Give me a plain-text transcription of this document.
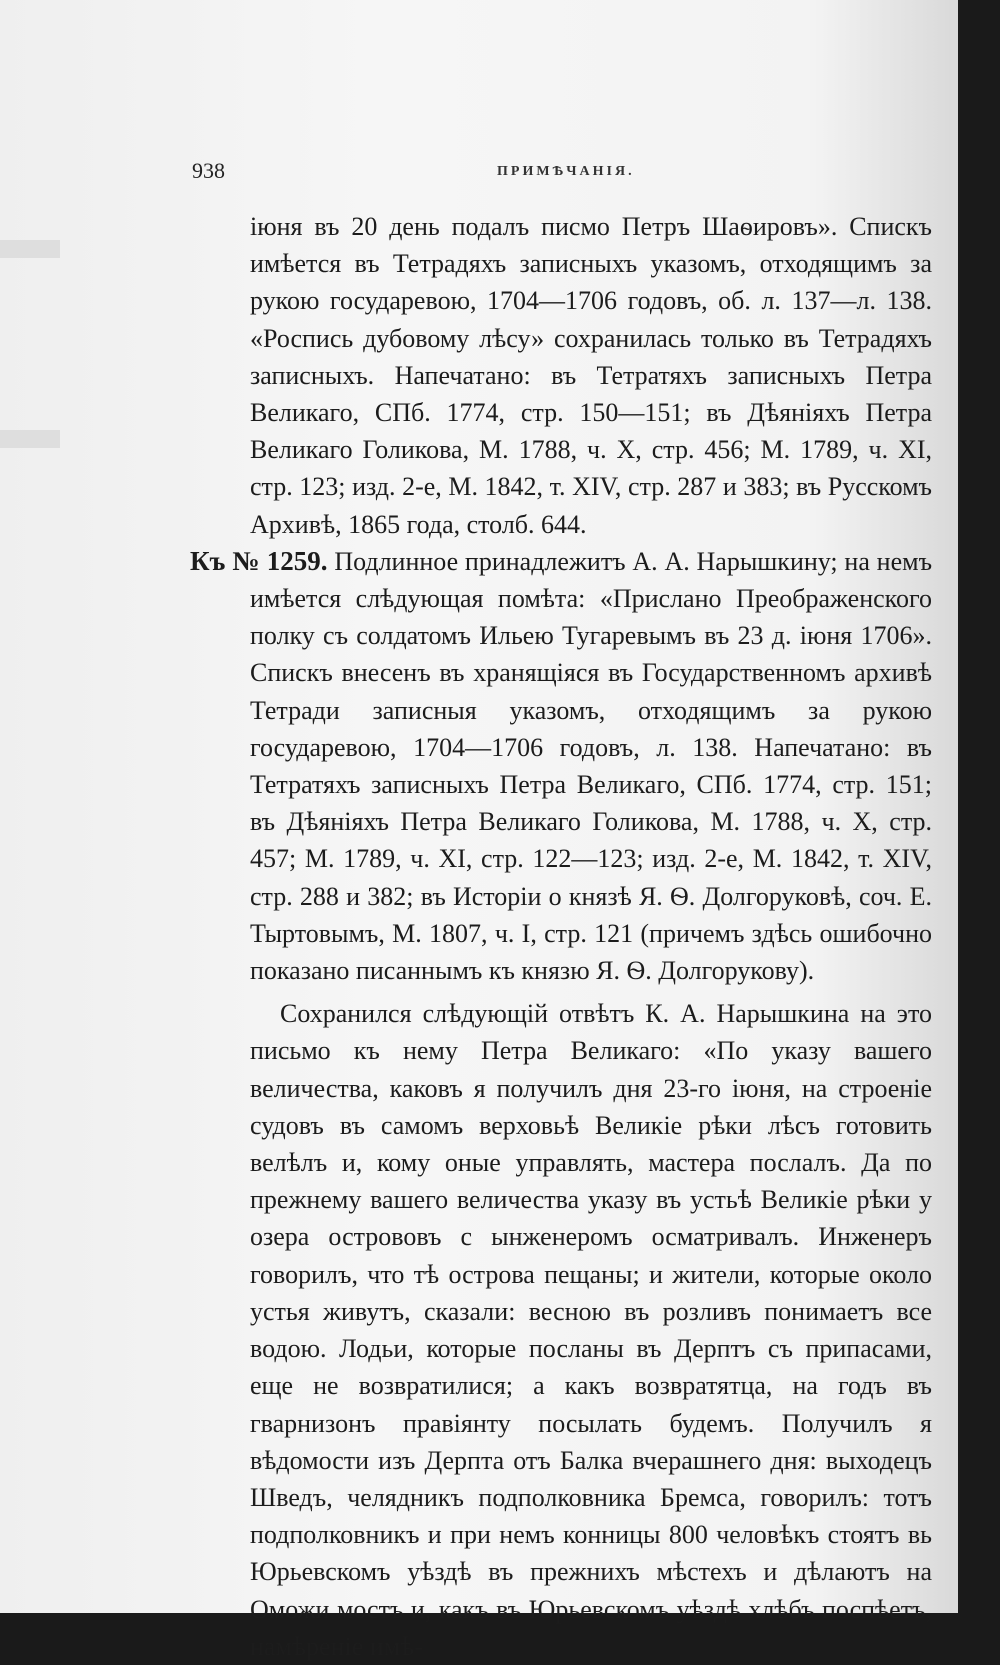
938	ПРИМѢЧАНІЯ.

іюня въ 20 день подалъ писмо Петръ Шаѳировъ». Спискъ имѣется въ Тетрадяхъ записныхъ указомъ, отходящимъ за рукою государевою, 1704—1706 годовъ, об. л. 137—л. 138. «Роспись дубовому лѣсу» сохранилась только въ Тетрадяхъ записныхъ. Напечатано: въ Тетратяхъ записныхъ Петра Великаго, СПб. 1774, стр. 150—151; въ Дѣяніяхъ Петра Великаго Голикова, М. 1788, ч. X, стр. 456; М. 1789, ч. XI, стр. 123; изд. 2-е, М. 1842, т. XIV, стр. 287 и 383; въ Русскомъ Архивѣ, 1865 года, столб. 644.

Къ № 1259. Подлинное принадлежитъ А. А. Нарышкину; на немъ имѣется слѣдующая помѣта: «Прислано Преображенского полку съ солдатомъ Ильею Тугаревымъ въ 23 д. іюня 1706». Спискъ внесенъ въ хранящіяся въ Государственномъ архивѣ Тетради записныя указомъ, отходящимъ за рукою государевою, 1704—1706 годовъ, л. 138. Напечатано: въ Тетратяхъ записныхъ Петра Великаго, СПб. 1774, стр. 151; въ Дѣяніяхъ Петра Великаго Голикова, М. 1788, ч. X, стр. 457; М. 1789, ч. XI, стр. 122—123; изд. 2-е, М. 1842, т. XIV, стр. 288 и 382; въ Исторіи о князѣ Я. Ѳ. Долгоруковѣ, соч. Е. Тыртовымъ, М. 1807, ч. I, стр. 121 (причемъ здѣсь ошибочно показано писаннымъ къ князю Я. Ѳ. Долгорукову).

Сохранился слѣдующій отвѣтъ К. А. Нарышкина на это письмо къ нему Петра Великаго: «По указу вашего величества, каковъ я получилъ дня 23-го іюня, на строеніе судовъ въ самомъ верховьѣ Великіе рѣки лѣсъ готовить велѣлъ и, кому оные управлять, мастера послалъ. Да по прежнему вашего величества указу въ устьѣ Великіе рѣки у озера острововъ с ынженеромъ осматривалъ. Инженеръ говорилъ, что тѣ острова пещаны; и жители, которые около устья живутъ, сказали: весною въ розливъ понимаетъ все водою. Лодьи, которые посланы въ Дерптъ съ припасами, еще не возвратилися; а какъ возвратятца, на годъ въ гварнизонъ правіянту посылать будемъ. Получилъ я вѣдомости изъ Дерпта отъ Балка вчерашнего дня: выходецъ Шведъ, челядникъ подполковника Бремса, говорилъ: тотъ подполковникъ и при немъ конницы 800 человѣкъ стоятъ вь Юрьевскомъ уѣздѣ въ прежнихъ мѣстехъ и дѣлаютъ на Оможи мостъ и, какъ въ Юрьевскомъ уѣздѣ хлѣбъ поспѣетъ, намѣреніе имѣ-
